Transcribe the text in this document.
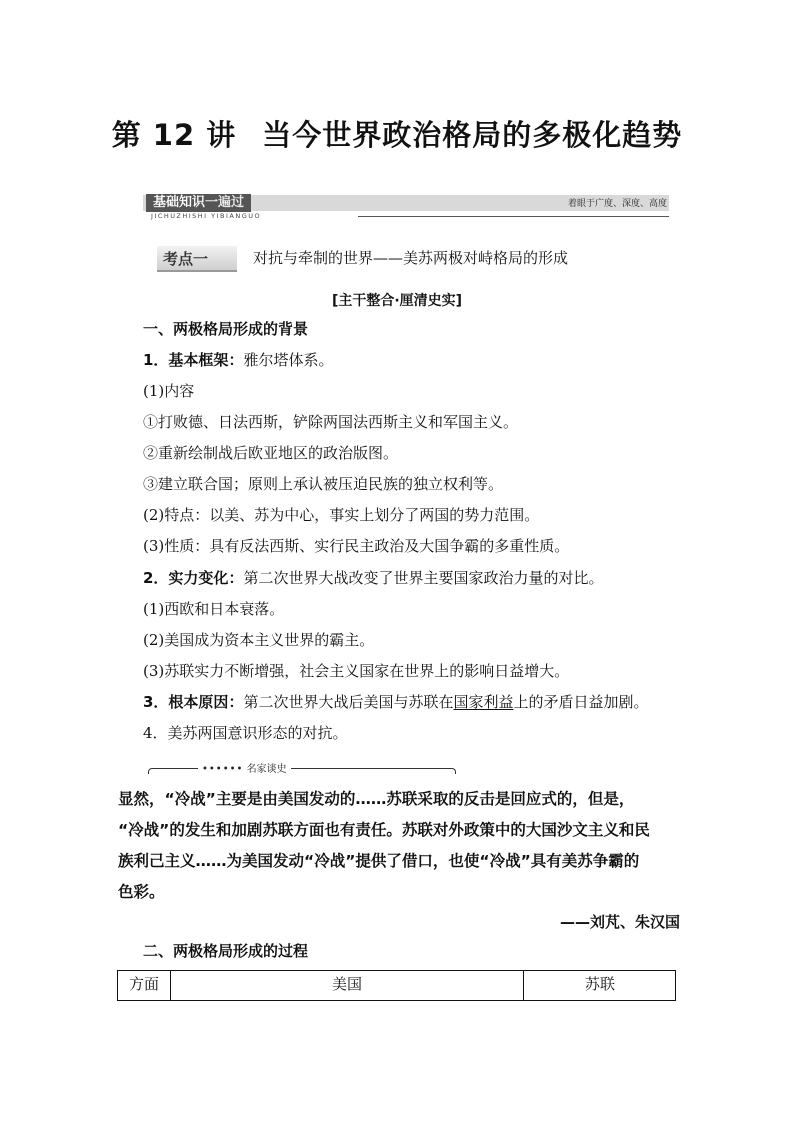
第 12 讲 当今世界政治格局的多极化趋势
基础知识一遍过	着眼于广度、深度、高度
JICHUZHISHI YIBIANGUO
考点一	对抗与牵制的世界——美苏两极对峙格局的形成
[主干整合·厘清史实]
一、两极格局形成的背景
1．基本框架：雅尔塔体系。
(1)内容
①打败德、日法西斯，铲除两国法西斯主义和军国主义。
②重新绘制战后欧亚地区的政治版图。
③建立联合国；原则上承认被压迫民族的独立权利等。
(2)特点：以美、苏为中心，事实上划分了两国的势力范围。
(3)性质：具有反法西斯、实行民主政治及大国争霸的多重性质。
2．实力变化：第二次世界大战改变了世界主要国家政治力量的对比。
(1)西欧和日本衰落。
(2)美国成为资本主义世界的霸主。
(3)苏联实力不断增强，社会主义国家在世界上的影响日益增大。
3．根本原因：第二次世界大战后美国与苏联在国家利益上的矛盾日益加剧。
4．美苏两国意识形态的对抗。
•••••• 名家谈史
显然，“冷战”主要是由美国发动的……苏联采取的反击是回应式的，但是，
“冷战”的发生和加剧苏联方面也有责任。苏联对外政策中的大国沙文主义和民
族利己主义……为美国发动“冷战”提供了借口，也使“冷战”具有美苏争霸的
色彩。
——刘芃、朱汉国
二、两极格局形成的过程
方面	美国	苏联
